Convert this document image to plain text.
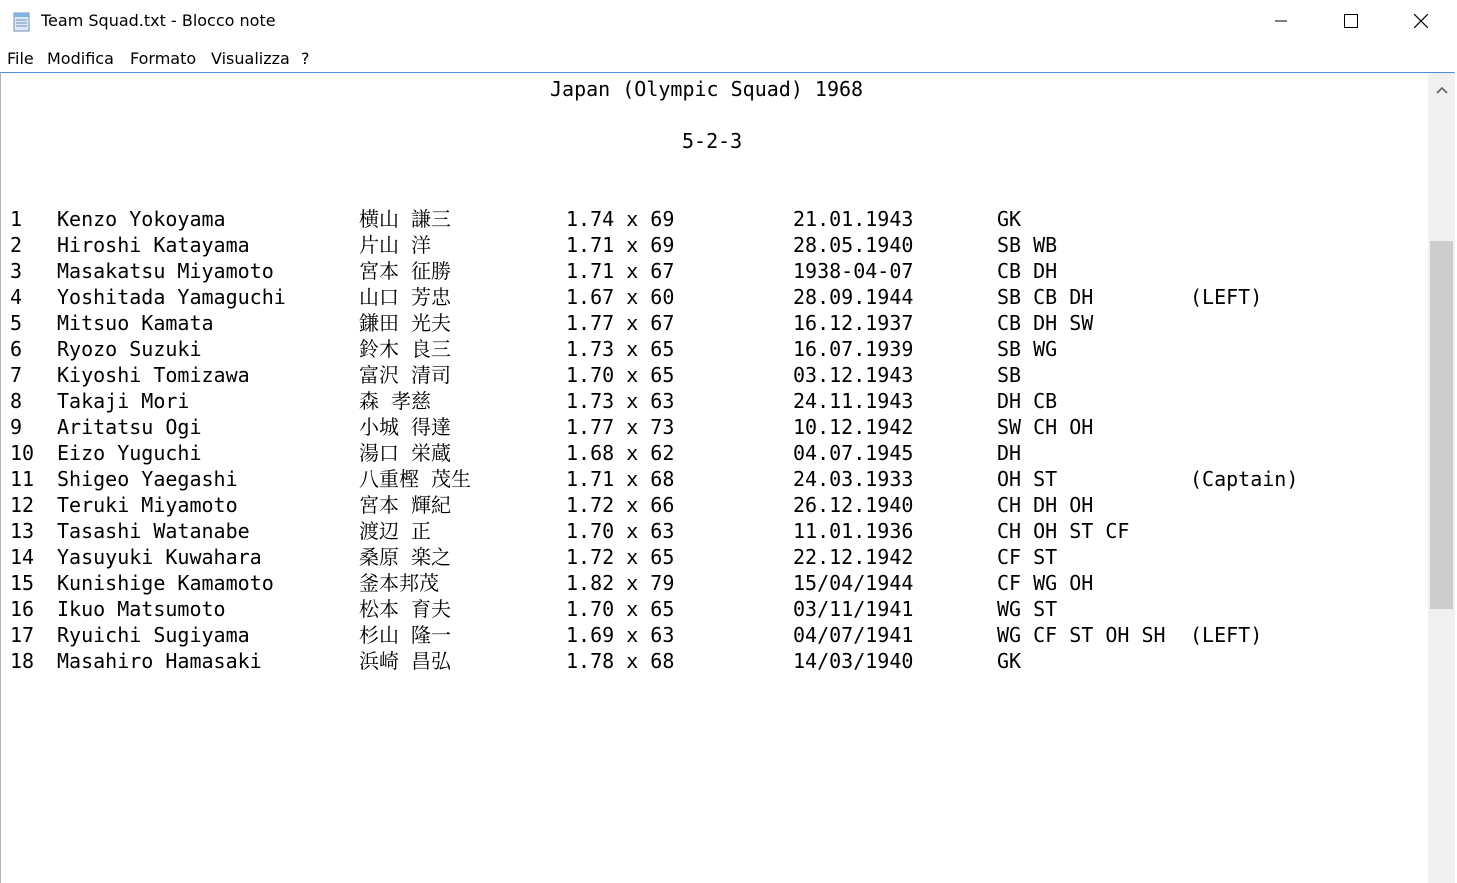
Team Squad.txt - Blocco note
File Modifica Formato Visualizza ?
Japan (Olympic Squad) 1968
5-2-3
1 Kenzo Yokoyama	横山 謙三	1.74 x 69	21.01.1943	GK
2 Hiroshi Katayama	片山 洋	1.71 x 69	28.05.1940	SB WB
3 Masakatsu Miyamoto	宮本 征勝	1.71 x 67	1938-04-07	CB DH
4 Yoshitada Yamaguchi	山口 芳忠	1.67 x 60	28.09.1944	SB CB DH	(LEFT)
5 Mitsuo Kamata	鎌田 光夫	1.77 x 67	16.12.1937	CB DH SW
6 Ryozo Suzuki	鈴木 良三	1.73 x 65	16.07.1939	SB WG
7 Kiyoshi Tomizawa	富沢 清司	1.70 x 65	03.12.1943	SB
8 Takaji Mori	森 孝慈	1.73 x 63	24.11.1943	DH CB
9 Aritatsu Ogi	小城 得達	1.77 x 73	10.12.1942	SW CH OH
10 Eizo Yuguchi	湯口 栄蔵	1.68 x 62	04.07.1945	DH
11 Shigeo Yaegashi	八重樫 茂生	1.71 x 68	24.03.1933	OH ST	(Captain)
12 Teruki Miyamoto	宮本 輝紀	1.72 x 66	26.12.1940	CH DH OH
13 Tasashi Watanabe	渡辺 正	1.70 x 63	11.01.1936	CH OH ST CF
14 Yasuyuki Kuwahara	桑原 楽之	1.72 x 65	22.12.1942	CF ST
15 Kunishige Kamamoto	釜本邦茂	1.82 x 79	15/04/1944	CF WG OH
16 Ikuo Matsumoto	松本 育夫	1.70 x 65	03/11/1941	WG ST
17 Ryuichi Sugiyama	杉山 隆一	1.69 x 63	04/07/1941	WG CF ST OH SH (LEFT)
18 Masahiro Hamasaki	浜崎 昌弘	1.78 x 68	14/03/1940	GK
